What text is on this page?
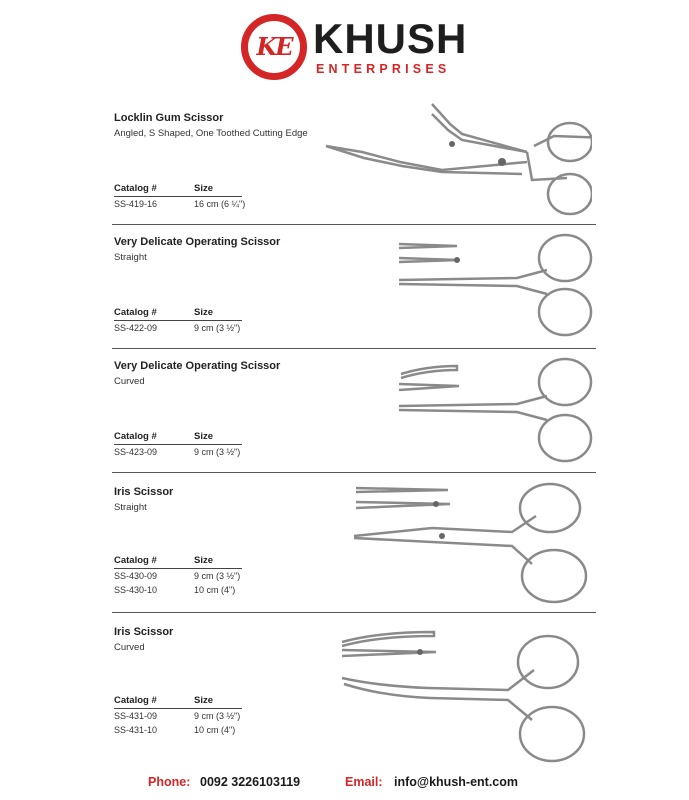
KE KHUSH
ENTERPRISES
Locklin Gum Scissor
Angled, S Shaped, One Toothed Cutting Edge
Catalog #	Size
SS-419-16	16 cm (6 ¼")
Very Delicate Operating Scissor
Straight
Catalog #	Size
SS-422-09	9 cm (3 ½")
Very Delicate Operating Scissor
Curved
Catalog #	Size
SS-423-09	9 cm (3 ½")
Iris Scissor
Straight
Catalog #	Size
SS-430-09	9 cm (3 ½")
SS-430-10	10 cm (4")
Iris Scissor
Curved
Catalog #	Size
SS-431-09	9 cm (3 ½")
SS-431-10	10 cm (4")
Phone: 0092 3226103119	Email: info@khush-ent.com
